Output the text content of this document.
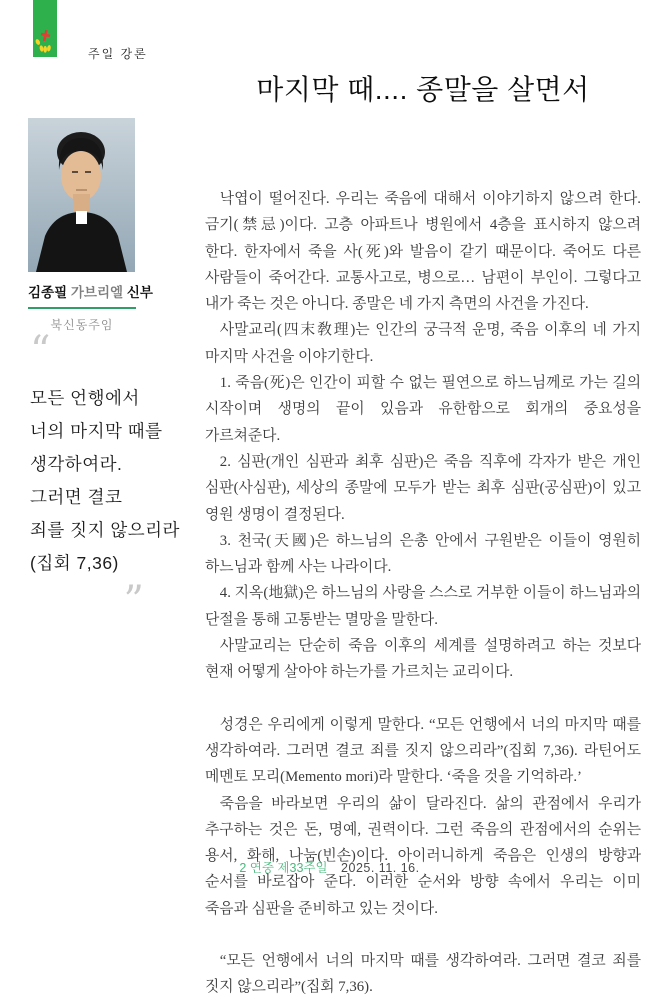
주일 강론
마지막 때.... 종말을 살면서
김종필 가브리엘 신부
북신동주임
“
모든 언행에서
너의 마지막 때를
생각하여라.
그러면 결코
죄를 짓지 않으리라
(집회 7,36)
”

낙엽이 떨어진다. 우리는 죽음에 대해서 이야기하지 않으려 한다. 금기(禁忌)이다. 고층 아파트나 병원에서 4층을 표시하지 않으려 한다. 한자에서 죽을 사(死)와 발음이 같기 때문이다. 죽어도 다른 사람들이 죽어간다. 교통사고로, 병으로… 남편이 부인이. 그렇다고 내가 죽는 것은 아니다. 종말은 네 가지 측면의 사건을 가진다.

사말교리(四末敎理)는 인간의 궁극적 운명, 죽음 이후의 네 가지 마지막 사건을 이야기한다.

1. 죽음(死)은 인간이 피할 수 없는 필연으로 하느님께로 가는 길의 시작이며 생명의 끝이 있음과 유한함으로 회개의 중요성을 가르쳐준다.

2. 심판(개인 심판과 최후 심판)은 죽음 직후에 각자가 받은 개인 심판(사심판), 세상의 종말에 모두가 받는 최후 심판(공심판)이 있고 영원 생명이 결정된다.

3. 천국(天國)은 하느님의 은총 안에서 구원받은 이들이 영원히 하느님과 함께 사는 나라이다.

4. 지옥(地獄)은 하느님의 사랑을 스스로 거부한 이들이 하느님과의 단절을 통해 고통받는 멸망을 말한다.

사말교리는 단순히 죽음 이후의 세계를 설명하려고 하는 것보다 현재 어떻게 살아야 하는가를 가르치는 교리이다.

성경은 우리에게 이렇게 말한다. “모든 언행에서 너의 마지막 때를 생각하여라. 그러면 결코 죄를 짓지 않으리라”(집회 7,36). 라틴어도 메멘토 모리(Memento mori)라 말한다. ‘죽을 것을 기억하라.’

죽음을 바라보면 우리의 삶이 달라진다. 삶의 관점에서 우리가 추구하는 것은 돈, 명예, 권력이다. 그런 죽음의 관점에서의 순위는 용서, 화해, 나눔(빈손)이다. 아이러니하게 죽음은 인생의 방향과 순서를 바로잡아 준다. 이러한 순서와 방향 속에서 우리는 이미 죽음과 심판을 준비하고 있는 것이다.

“모든 언행에서 너의 마지막 때를 생각하여라. 그러면 결코 죄를 짓지 않으리라”(집회 7,36).

2 연중 제33주일 2025. 11. 16.
